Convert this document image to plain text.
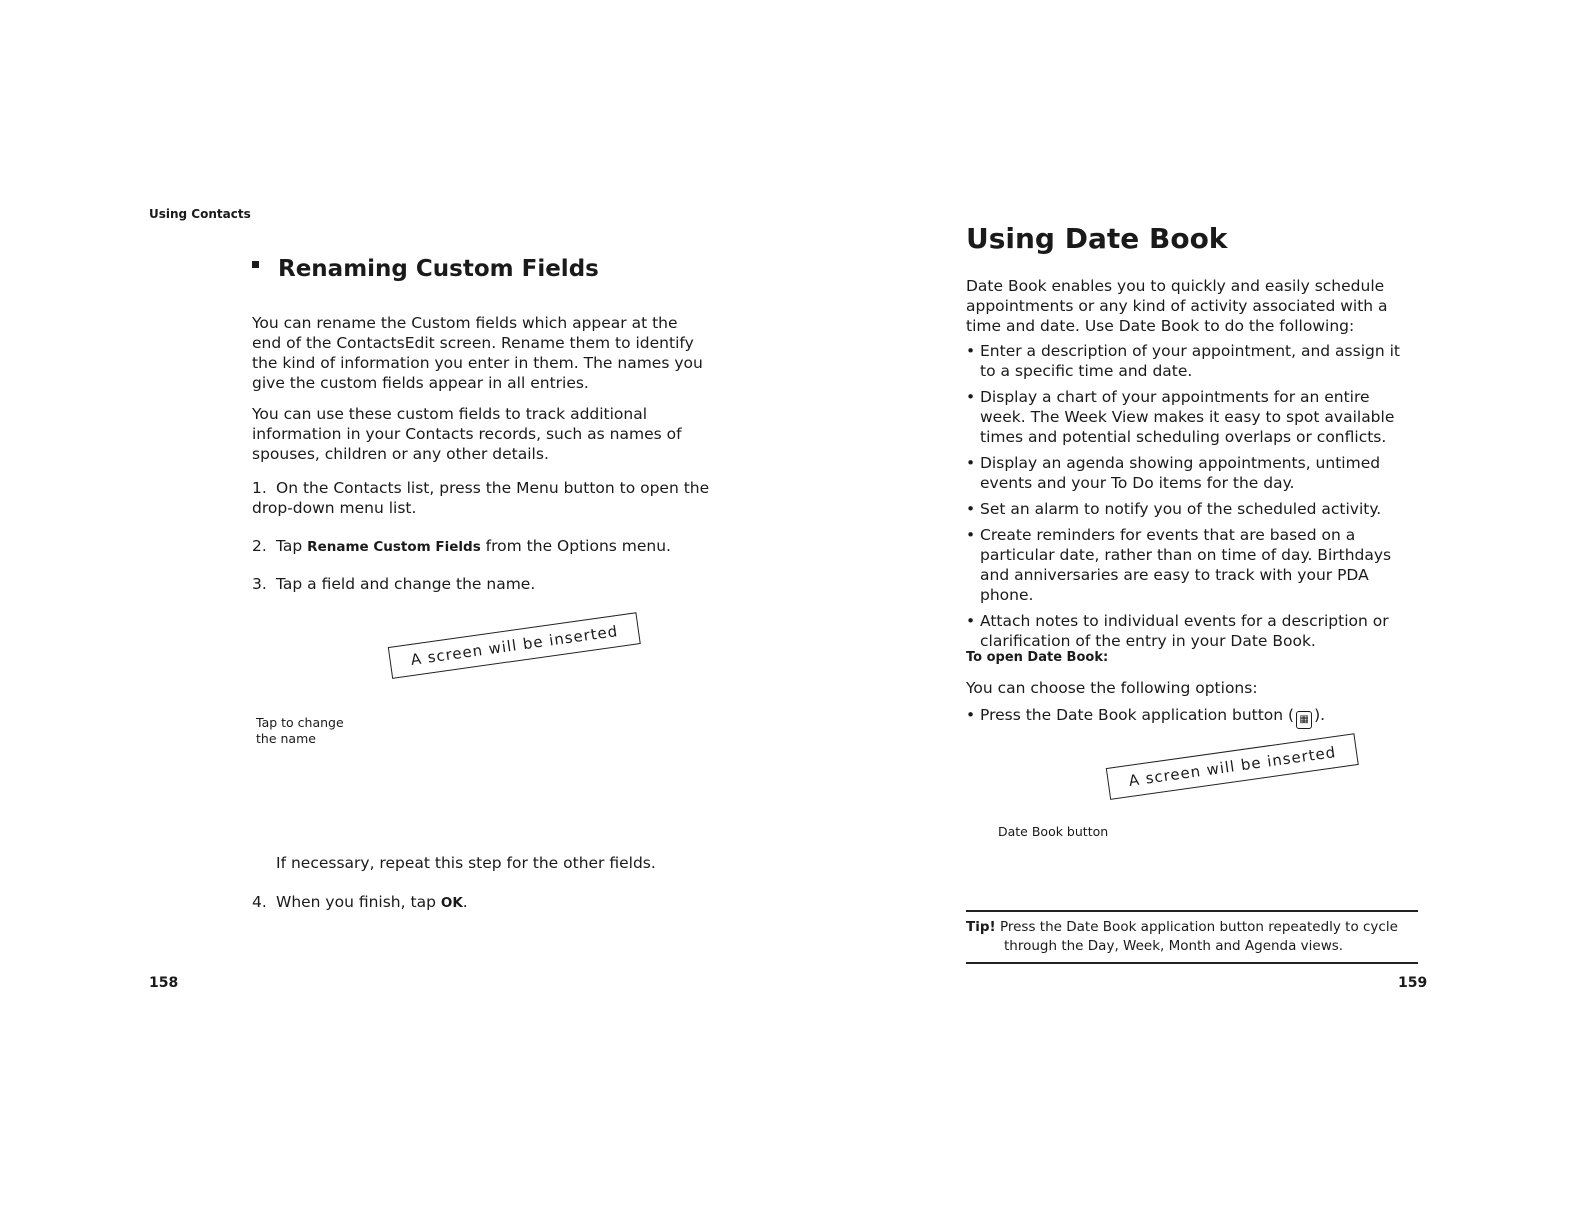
Using Contacts
Renaming Custom Fields

You can rename the Custom fields which appear at the end of the ContactsEdit screen. Rename them to identify the kind of information you enter in them. The names you give the custom fields appear in all entries.

You can use these custom fields to track additional information in your Contacts records, such as names of spouses, children or any other details.

1. On the Contacts list, press the Menu button to open the drop-down menu list.
2. Tap Rename Custom Fields from the Options menu.
3. Tap a field and change the name.
A screen will be inserted
Tap to change
the name
If necessary, repeat this step for the other fields.
4. When you finish, tap OK.
158
Using Date Book

Date Book enables you to quickly and easily schedule appointments or any kind of activity associated with a time and date. Use Date Book to do the following:

• Enter a description of your appointment, and assign it to a specific time and date.
• Display a chart of your appointments for an entire week. The Week View makes it easy to spot available times and potential scheduling overlaps or conflicts.
• Display an agenda showing appointments, untimed events and your To Do items for the day.
• Set an alarm to notify you of the scheduled activity.
• Create reminders for events that are based on a particular date, rather than on time of day. Birthdays and anniversaries are easy to track with your PDA phone.
• Attach notes to individual events for a description or clarification of the entry in your Date Book.
To open Date Book:
You can choose the following options:
• Press the Date Book application button ( ▦ ).
A screen will be inserted
Date Book button
Tip! Press the Date Book application button repeatedly to cycle
through the Day, Week, Month and Agenda views.
159
